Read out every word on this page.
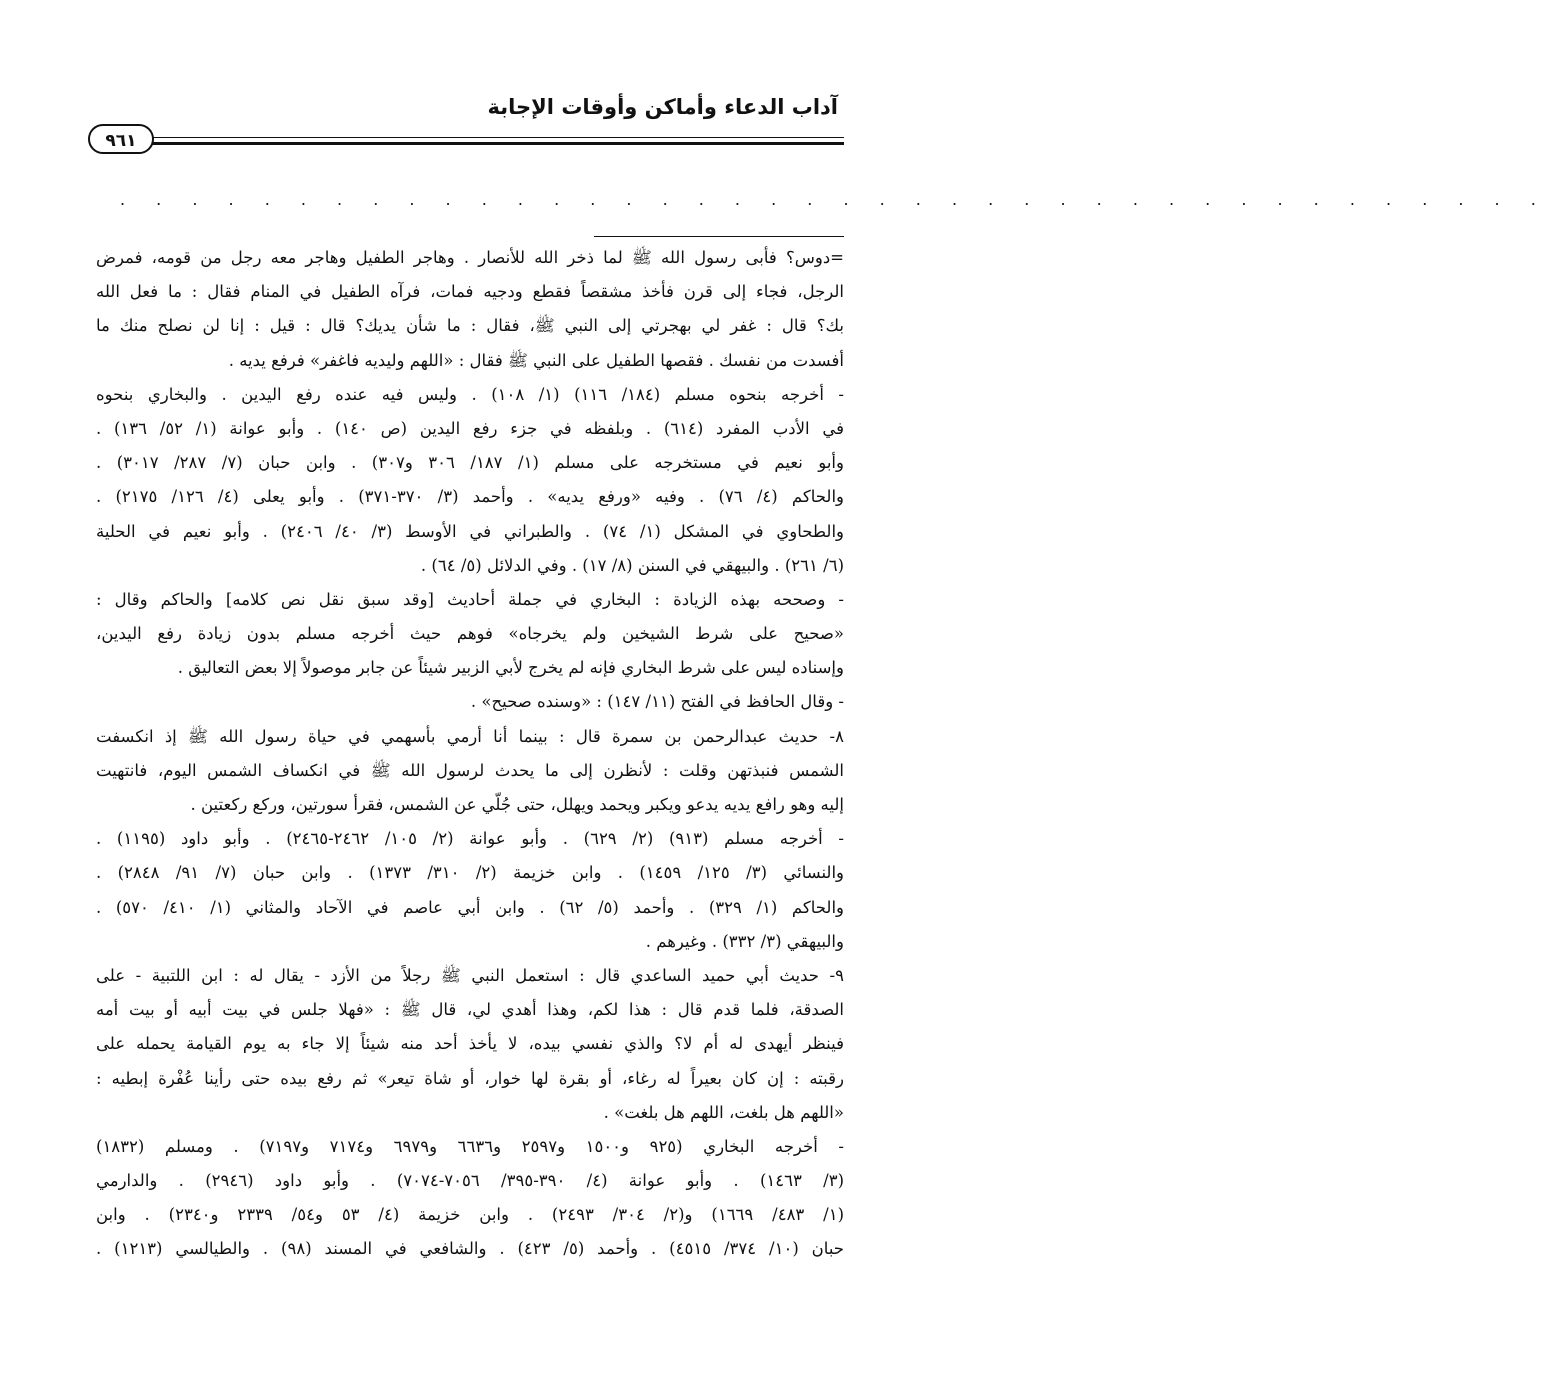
آداب الدعاء وأماكن وأوقات الإجابة
٩٦١
. . . . . . . . . . . . . . . . . . . . . . . . . . . . . . . . . . . . . . . .
=دوس؟ فأبى رسول الله ﷺ لما ذخر الله للأنصار . وهاجر الطفيل وهاجر معه رجل من قومه، فمرض
الرجل، فجاء إلى قرن فأخذ مشقصاً فقطع ودجيه فمات، فرآه الطفيل في المنام فقال : ما فعل الله
بك؟ قال : غفر لي بهجرتي إلى النبي ﷺ، فقال : ما شأن يديك؟ قال : قيل : إنا لن نصلح منك ما
أفسدت من نفسك . فقصها الطفيل على النبي ﷺ فقال : «اللهم وليديه فاغفر» فرفع يديه .
- أخرجه بنحوه مسلم (١٨٤/ ١١٦) (١/ ١٠٨) . وليس فيه عنده رفع اليدين . والبخاري بنحوه
في الأدب المفرد (٦١٤) . وبلفظه في جزء رفع اليدين (ص ١٤٠) . وأبو عوانة (١/ ٥٢/ ١٣٦) .
وأبو نعيم في مستخرجه على مسلم (١/ ١٨٧/ ٣٠٦ و٣٠٧) . وابن حبان (٧/ ٢٨٧/ ٣٠١٧) .
والحاكم (٤/ ٧٦) . وفيه «ورفع يديه» . وأحمد (٣/ ٣٧٠-٣٧١) . وأبو يعلى (٤/ ١٢٦/ ٢١٧٥) .
والطحاوي في المشكل (١/ ٧٤) . والطبراني في الأوسط (٣/ ٤٠/ ٢٤٠٦) . وأبو نعيم في الحلية
(٦/ ٢٦١) . والبيهقي في السنن (٨/ ١٧) . وفي الدلائل (٥/ ٦٤) .
- وصححه بهذه الزيادة : البخاري في جملة أحاديث [وقد سبق نقل نص كلامه] والحاكم وقال :
«صحيح على شرط الشيخين ولم يخرجاه» فوهم حيث أخرجه مسلم بدون زيادة رفع اليدين،
وإسناده ليس على شرط البخاري فإنه لم يخرج لأبي الزبير شيئاً عن جابر موصولاً إلا بعض التعاليق .
- وقال الحافظ في الفتح (١١/ ١٤٧) : «وسنده صحيح» .
٨- حديث عبدالرحمن بن سمرة قال : بينما أنا أرمي بأسهمي في حياة رسول الله ﷺ إذ انكسفت
الشمس فنبذتهن وقلت : لأنظرن إلى ما يحدث لرسول الله ﷺ في انكساف الشمس اليوم، فانتهيت
إليه وهو رافع يديه يدعو ويكبر ويحمد ويهلل، حتى جُلّي عن الشمس، فقرأ سورتين، وركع ركعتين .
- أخرجه مسلم (٩١٣) (٢/ ٦٢٩) . وأبو عوانة (٢/ ١٠٥/ ٢٤٦٢-٢٤٦٥) . وأبو داود (١١٩٥) .
والنسائي (٣/ ١٢٥/ ١٤٥٩) . وابن خزيمة (٢/ ٣١٠/ ١٣٧٣) . وابن حبان (٧/ ٩١/ ٢٨٤٨) .
والحاكم (١/ ٣٢٩) . وأحمد (٥/ ٦٢) . وابن أبي عاصم في الآحاد والمثاني (١/ ٤١٠/ ٥٧٠) .
والبيهقي (٣/ ٣٣٢) . وغيرهم .
٩- حديث أبي حميد الساعدي قال : استعمل النبي ﷺ رجلاً من الأزد - يقال له : ابن اللتبية - على
الصدقة، فلما قدم قال : هذا لكم، وهذا أهدي لي، قال ﷺ : «فهلا جلس في بيت أبيه أو بيت أمه
فينظر أيهدى له أم لا؟ والذي نفسي بيده، لا يأخذ أحد منه شيئاً إلا جاء به يوم القيامة يحمله على
رقبته : إن كان بعيراً له رغاء، أو بقرة لها خوار، أو شاة تيعر» ثم رفع بيده حتى رأينا عُفْرة إبطيه :
«اللهم هل بلغت، اللهم هل بلغت» .
- أخرجه البخاري (٩٢٥ و١٥٠٠ و٢٥٩٧ و٦٦٣٦ و٦٩٧٩ و٧١٧٤ و٧١٩٧) . ومسلم (١٨٣٢)
(٣/ ١٤٦٣) . وأبو عوانة (٤/ ٣٩٠-٣٩٥/ ٧٠٥٦-٧٠٧٤) . وأبو داود (٢٩٤٦) . والدارمي
(١/ ٤٨٣/ ١٦٦٩) و(٢/ ٣٠٤/ ٢٤٩٣) . وابن خزيمة (٤/ ٥٣ و٥٤/ ٢٣٣٩ و٢٣٤٠) . وابن
حبان (١٠/ ٣٧٤/ ٤٥١٥) . وأحمد (٥/ ٤٢٣) . والشافعي في المسند (٩٨) . والطيالسي (١٢١٣) .
